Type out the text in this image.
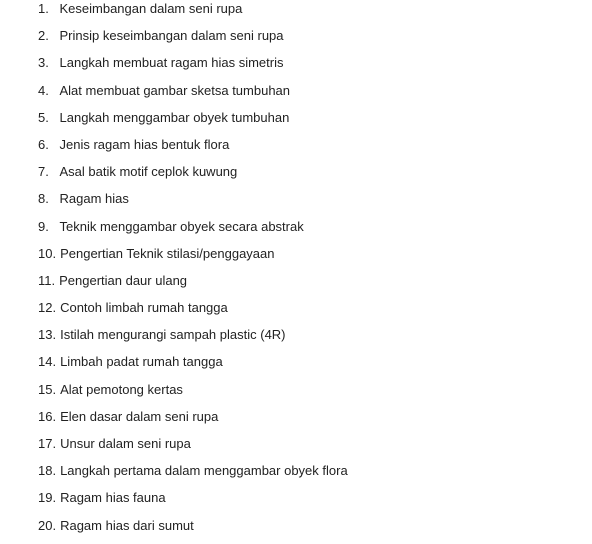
1. Keseimbangan dalam seni rupa
2. Prinsip keseimbangan dalam seni rupa
3. Langkah membuat ragam hias simetris
4. Alat membuat gambar sketsa tumbuhan
5. Langkah menggambar obyek tumbuhan
6. Jenis ragam hias bentuk flora
7. Asal batik motif ceplok kuwung
8. Ragam hias
9. Teknik menggambar obyek secara abstrak
10. Pengertian Teknik stilasi/penggayaan
11. Pengertian daur ulang
12. Contoh limbah rumah tangga
13. Istilah mengurangi sampah plastic (4R)
14. Limbah padat rumah tangga
15. Alat pemotong kertas
16. Elen dasar dalam seni rupa
17. Unsur dalam seni rupa
18. Langkah pertama dalam menggambar obyek flora
19. Ragam hias fauna
20. Ragam hias dari sumut
